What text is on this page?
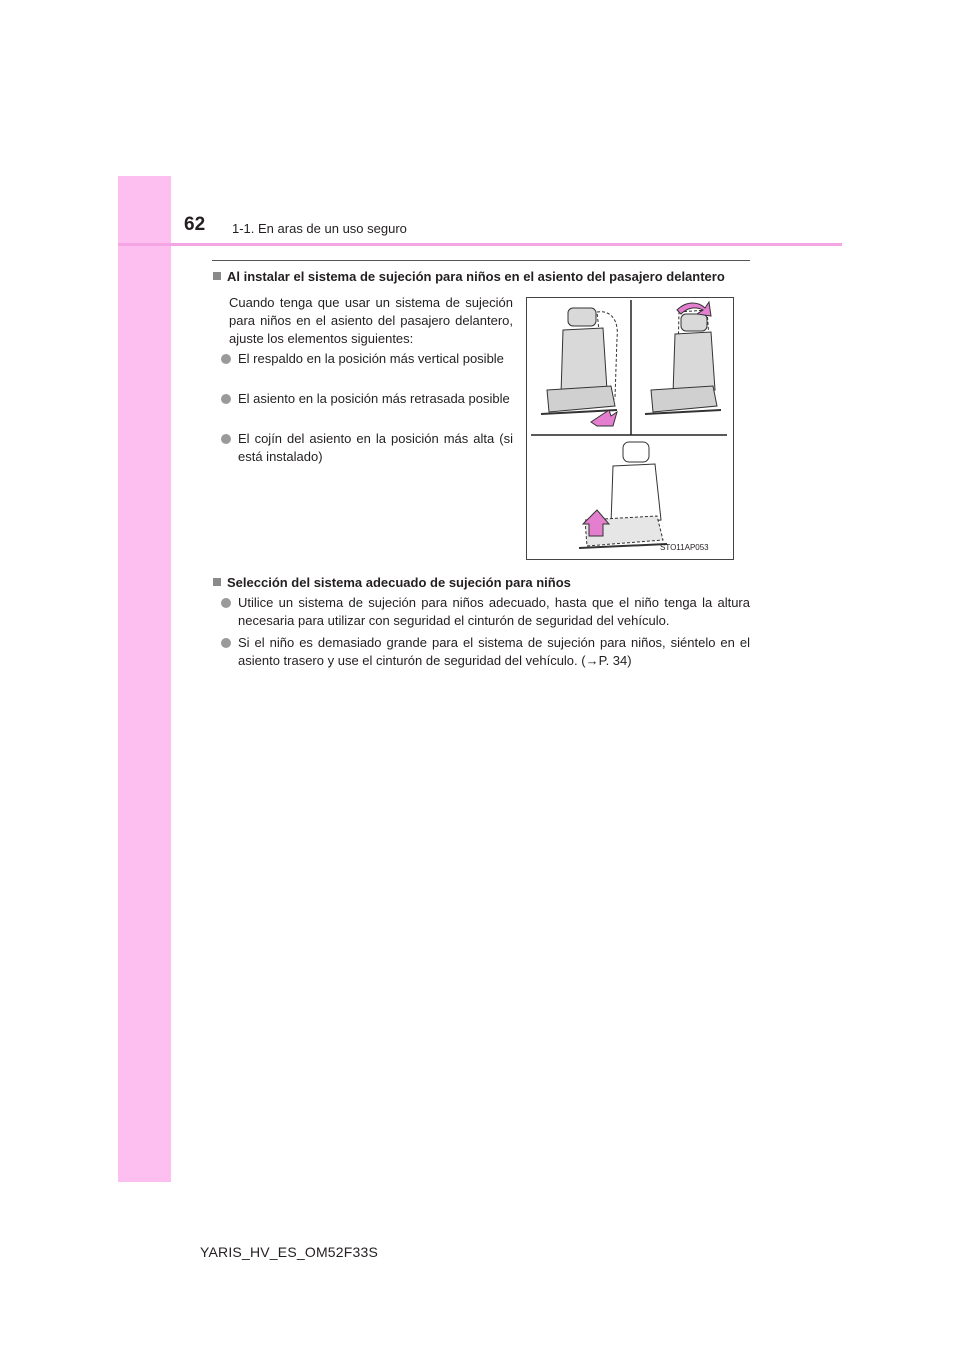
62 1-1. En aras de un uso seguro
Al instalar el sistema de sujeción para niños en el asiento del pasajero delantero
Cuando tenga que usar un sistema de sujeción para niños en el asiento del pasajero delantero, ajuste los elementos siguientes:
El respaldo en la posición más vertical posible
El asiento en la posición más retrasada posible
El cojín del asiento en la posición más alta (si está instalado)
STO11AP053
Selección del sistema adecuado de sujeción para niños
Utilice un sistema de sujeción para niños adecuado, hasta que el niño tenga la altura necesaria para utilizar con seguridad el cinturón de seguridad del vehículo.
Si el niño es demasiado grande para el sistema de sujeción para niños, siéntelo en el asiento trasero y use el cinturón de seguridad del vehículo. (→P. 34)
YARIS_HV_ES_OM52F33S
